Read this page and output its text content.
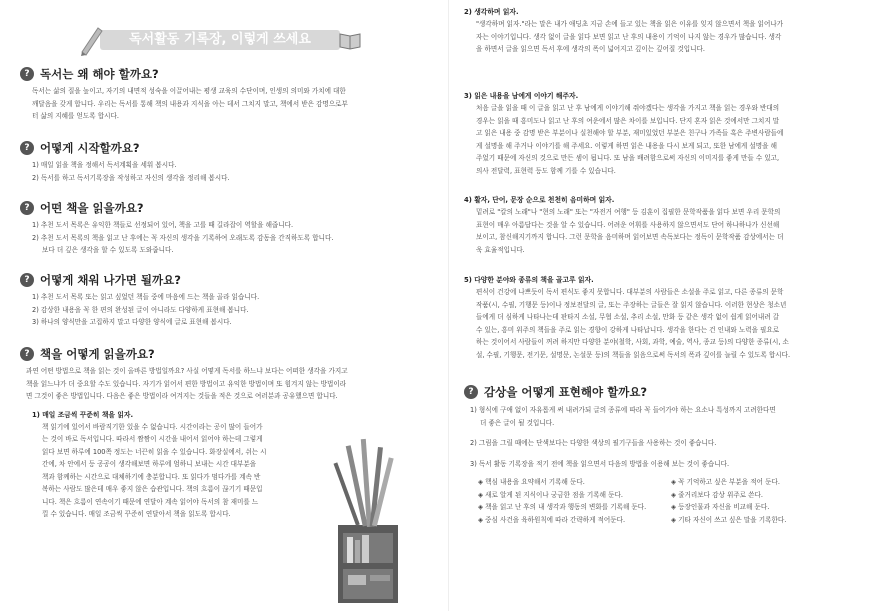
독서활동 기록장, 이렇게 쓰세요
? 독서는 왜 해야 할까요?

독서는 삶의 질을 높이고, 자기의 내면적 성숙을 이끌어내는 평생 교육의 수단이며, 인생의 의미와 가치에 대한

깨달음을 갖게 합니다. 우리는 독서를 통해 책의 내용과 지식을 아는 데서 그치지 말고, 책에서 받은 감명으로부

터 삶의 지혜를 얻도록 합시다.

? 어떻게 시작할까요?

1) 매일 읽을 책을 정해서 독서계획을 세워 봅시다.

2) 독서를 하고 독서기록장을 작성하고 자신의 생각을 정리해 봅시다.

? 어떤 책을 읽을까요?

1) 추천 도서 목록은 유익한 책들로 선정되어 있어, 책을 고를 때 길라잡이 역할을 해줍니다.

2) 추천 도서 목록의 책을 읽고 난 후에는 꼭 자신의 생각을 기록하여 오래도록 감동을 간직하도록 합니다.

보다 더 깊은 생각을 할 수 있도록 도와줍니다.

? 어떻게 채워 나가면 될까요?

1) 추천 도서 목록 또는 읽고 싶었던 책들 중에 마음에 드는 책을 골라 읽습니다.

2) 감상한 내용을 꼭 한 편의 완성된 글이 아니라도 다양하게 표현해 봅니다.

3) 하나의 양식만을 고집하지 말고 다양한 양식에 글로 표현해 봅시다.

? 책을 어떻게 읽을까요?

과연 어떤 방법으로 책을 읽는 것이 올바른 방법일까요? 사실 어떻게 독서를 하느냐 보다는 어떠한 생각을 가지고

책을 읽느냐가 더 중요할 수도 있습니다. 자기가 읽어서 편한 방법이고 유익한 방법이며 또 힘겨지 않는 방법이라

면 그것이 좋은 방법입니다. 다음은 좋은 방법이라 여겨지는 것들을 적은 것으로 여러분과 공유했으면 합니다.

1) 매일 조금씩 꾸준히 책을 읽자.

책 읽기에 있어서 바람직기한 있을 수 없습니다. 시간이라는 공이 많이 들어가

는 것이 바로 독서입니다. 따라서 짬짬이 시간을 내어서 읽어야 하는데 그렇게

읽다 보면 하루에 100쪽 정도는 너끈히 읽을 수 있습니다. 화장실에서, 쉬는 시

간에, 차 안에서 등 공공이 생각해보면 하루에 엄하니 보내는 시간 대부분을

책과 함께하는 시간으로 대체하기에 충분합니다. 또 읽다가 멈다가를 계속 반

복하는 사람도 많은데 매우 좋지 않은 습관입니다. 책의 흐름이 끊기기 때문입

니다. 책은 흐름이 연속이기 때문에 연달아 계속 읽어야 독서의 참 재미를 느

낄 수 있습니다. 매일 조금씩 꾸준히 연달아서 책을 읽도록 합시다.

2) 생각하며 읽자.

"생각하며 읽자."라는 말은 내가 애딩초 지금 손에 들고 있는 책을 읽은 이유를 잊지 않으면서 책을 읽어나가

자는 이야기입니다. 생각 없이 글을 읽다 보면 읽고 난 후의 내용이 기억이 나지 않는 경우가 많습니다. 생각

을 하면서 글을 읽으면 독서 후에 생각의 폭이 넓어지고 깊이는 깊어질 것입니다.

3) 읽은 내용을 남에게 이야기 해주자.

처음 글을 읽을 때 이 글을 읽고 난 후 남에게 이야기해 줘야겠다는 생각을 가지고 책을 읽는 경우와 반대의

경우는 읽을 때 흥미도나 읽고 난 후의 여운에서 많은 차이를 보입니다. 단지 혼자 읽은 것에서만 그치지 말

고 읽은 내용 중 감명 받은 부분이나 실천해야 할 부분, 재미있었던 부분은 친구나 가족들 혹은 주변사람들에

게 설명을 해 주거나 이야기를 해 주세요. 이렇게 하면 읽은 내용을 다시 보게 되고, 또한 남에게 설명을 해

주었기 때문에 자신의 것으로 만든 셈이 됩니다. 또 남을 배려함으로써 자신의 이미지를 좋게 만들 수 있고,

의사 전달력, 표현력 등도 함께 기를 수 있습니다.

4) 활자, 단어, 문장 순으로 천천히 음미하며 읽자.

밑려로 "칼의 노래"나 "현의 노래" 또는 "자전거 여행" 등 김훈이 집필한 문학작품을 읽다 보면 우리 문학의

표현이 매우 아름답다는 것을 알 수 있습니다. 어려운 어휘를 사용하지 않으면서도 단어 하나하나가 신선해

보이고, 참신해지기까지 합니다. 그런 문학을 음미하며 읽어보면 속독보다는 정독이 문학작품 감상에서는 더

욱 효율적입니다.

5) 다양한 분야와 종류의 책을 골고루 읽자.

편식이 건강에 나쁘듯이 독서 편식도 좋지 못합니다. 대부분의 사람들은 소설을 주로 읽고, 다른 종류의 문학

작품(시, 수필, 기행문 등)이나 정보전달의 글, 또는 주장하는 글들은 잘 읽지 않습니다. 이러한 현상은 청소년

들에게 더 심하게 나타나는데 판타지 소설, 무협 소설, 추리 소설, 만화 등 같은 생각 없이 쉽게 읽어내려 갈

수 있는, 흥미 위주의 책들을 주로 읽는 경향이 강하게 나타납니다. 생각을 한다는 건 인내와 노력을 필요로

하는 것이어서 사람들이 꺼려 하지만 다양한 분야(철학, 사회, 과학, 예술, 역사, 종교 등)의 다양한 종류(시, 소

설, 수필, 기행문, 전기문, 설명문, 논설문 등)의 책들을 읽음으로써 독서의 폭과 깊이를 늘릴 수 있도록 합시다.

? 감상을 어떻게 표현해야 할까요?

1) 형식에 구애 없이 자유롭게 써 내려가되 글의 종류에 따라 꼭 들어가야 하는 요소나 특성까지 고려한다면

더 좋은 글이 될 것입니다.

2) 그림을 그릴 때에는 단색보다는 다양한 색상의 필기구들을 사용하는 것이 좋습니다.

3) 독서 활동 기록장을 적기 전에 책을 읽으면서 다음의 방법을 이용해 보는 것이 좋습니다.

◈ 핵심 내용을 요약해서 기록해 둔다.	◈ 꼭 기억하고 싶은 부분을 적어 둔다.
◈ 새로 알게 된 지식이나 궁금한 점을 기록해 둔다.	◈ 줄거리보다 감상 위주로 쓴다.
◈ 책을 읽고 난 후의 내 생각과 행동의 변화를 기록해 둔다.	◈ 등장인물과 자신을 비교해 둔다.
◈ 중심 사건을 육하원칙에 따라 간략하게 적어둔다.	◈ 기타 자신이 쓰고 싶은 말을 기록한다.
